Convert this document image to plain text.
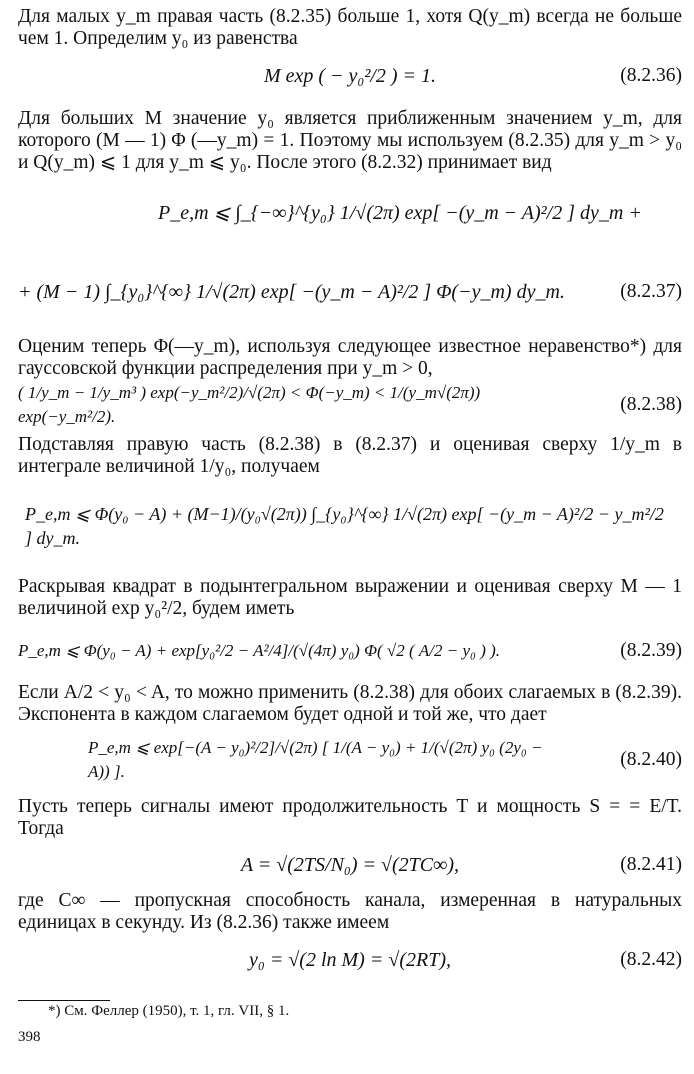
Для малых y_m правая часть (8.2.35) больше 1, хотя Q(y_m) всегда не больше чем 1. Определим y₀ из равенства

M exp ( − y₀²/2 ) = 1.	(8.2.36)

Для больших M значение y₀ является приближенным значением y_m, для которого (M — 1) Φ (—y_m) = 1. Поэтому мы используем (8.2.35) для y_m > y₀ и Q(y_m) ⩽ 1 для y_m ⩽ y₀. После этого (8.2.32) принимает вид

P_e,m ⩽ ∫_{−∞}^{y₀} 1/√(2π) exp[ −(y_m − A)²/2 ] dy_m +
+ (M − 1) ∫_{y₀}^{∞} 1/√(2π) exp[ −(y_m − A)²/2 ] Φ(−y_m) dy_m.	(8.2.37)

Оценим теперь Φ(—y_m), используя следующее известное неравенство*) для гауссовской функции распределения при y_m > 0,

( 1/y_m − 1/y_m³ ) exp(−y_m²/2)/√(2π) < Φ(−y_m) < 1/(y_m√(2π)) exp(−y_m²/2).
(8.2.38)

Подставляя правую часть (8.2.38) в (8.2.37) и оценивая сверху 1/y_m в интеграле величиной 1/y₀, получаем

P_e,m ⩽ Φ(y₀ − A) + (M−1)/(y₀√(2π)) ∫_{y₀}^{∞} 1/√(2π) exp[ −(y_m − A)²/2 − y_m²/2 ] dy_m.

Раскрывая квадрат в подынтегральном выражении и оценивая сверху M — 1 величиной exp y₀²/2, будем иметь

P_e,m ⩽ Φ(y₀ − A) + exp[y₀²/2 − A²/4]/(√(4π) y₀) Φ( √2 ( A/2 − y₀ ) ).	(8.2.39)

Если A/2 < y₀ < A, то можно применить (8.2.38) для обоих слагаемых в (8.2.39). Экспонента в каждом слагаемом будет одной и той же, что дает

P_e,m ⩽ exp[−(A − y₀)²/2]/√(2π) [ 1/(A − y₀) + 1/(√(2π) y₀ (2y₀ − A)) ].
(8.2.40)

Пусть теперь сигналы имеют продолжительность T и мощность S = = E/T. Тогда

A = √(2TS/N₀) = √(2TC∞),	(8.2.41)

где C∞ — пропускная способность канала, измеренная в натуральных единицах в секунду. Из (8.2.36) также имеем

y₀ = √(2 ln M) = √(2RT),	(8.2.42)
*) См. Феллер (1950), т. 1, гл. VII, § 1.
398
